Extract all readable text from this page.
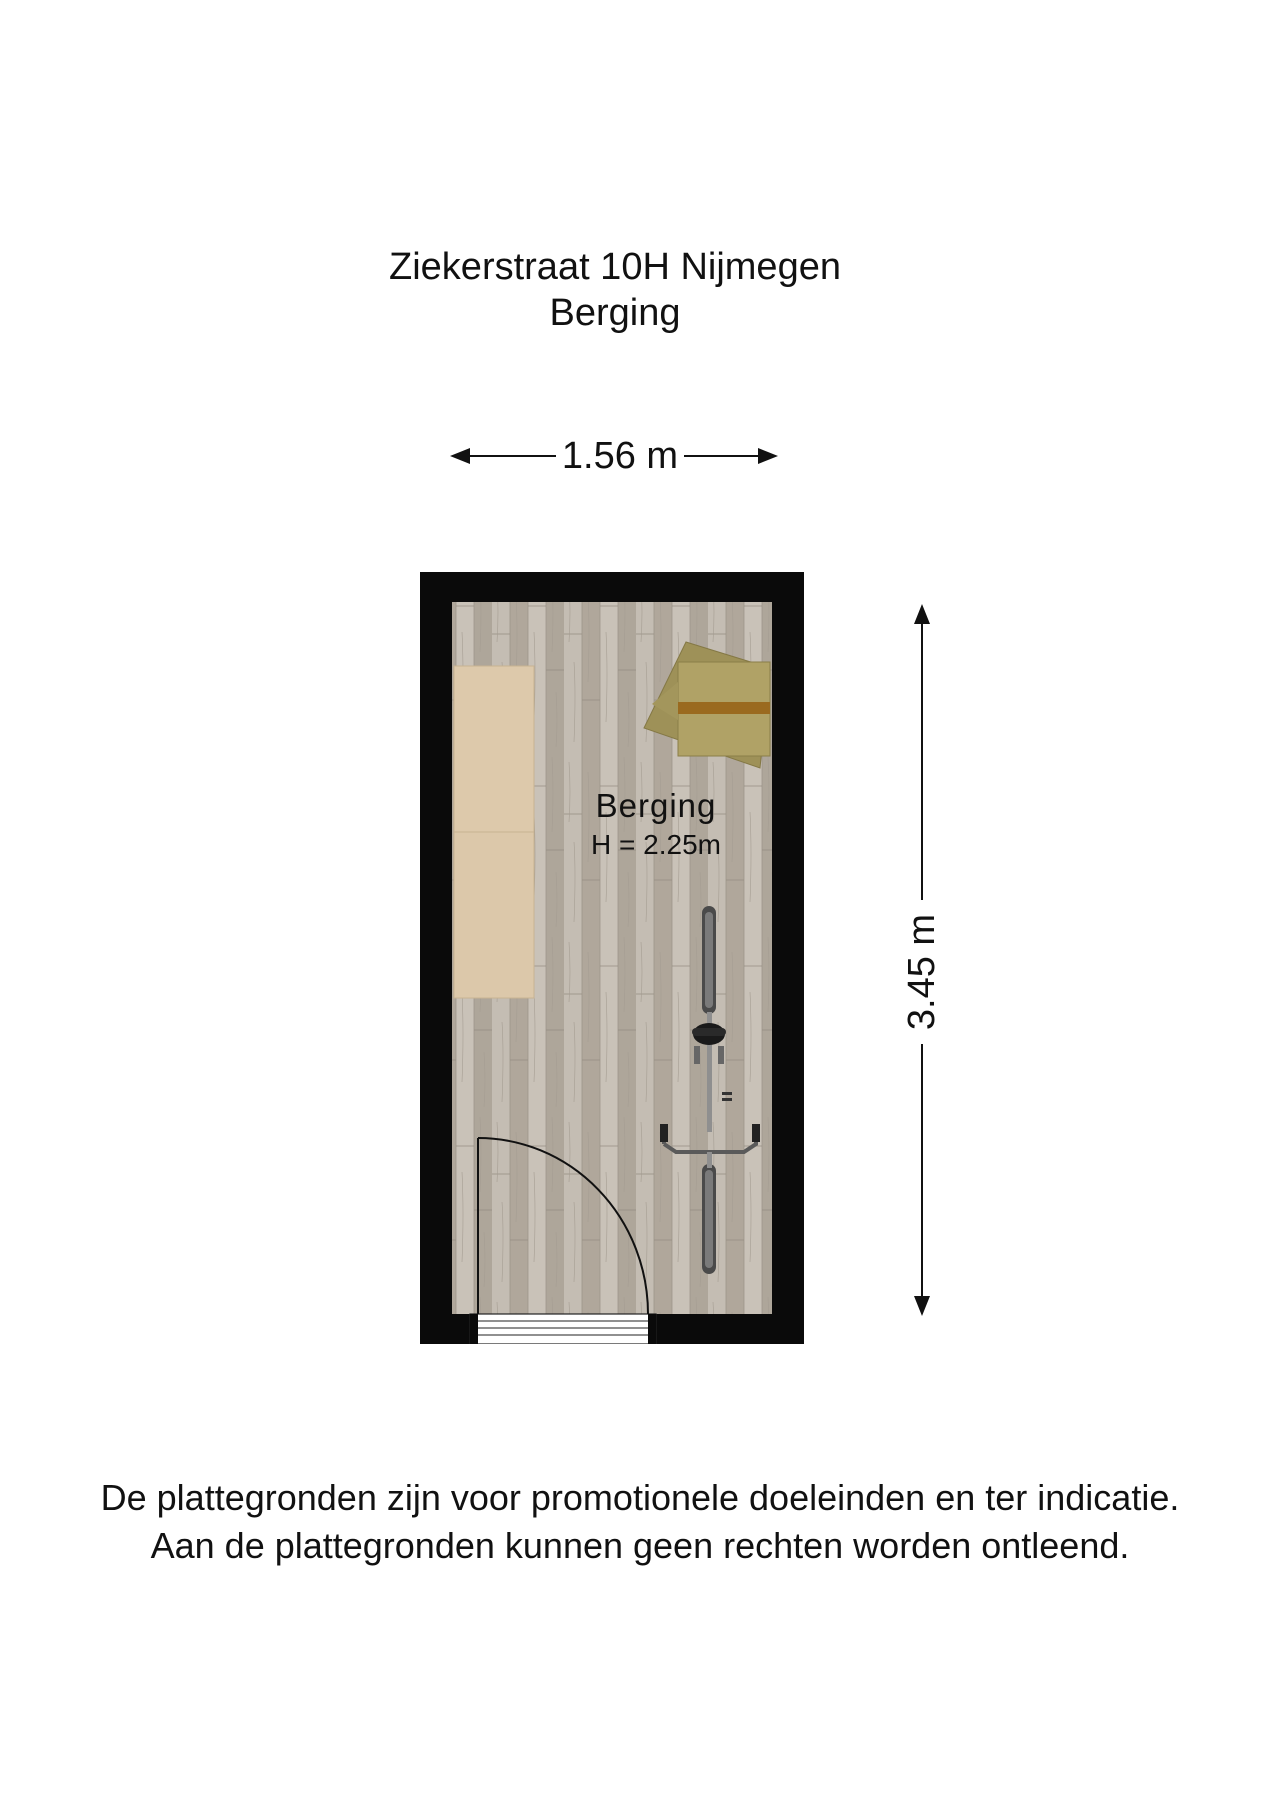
Ziekerstraat 10H Nijmegen
Berging
1.56 m
3.45 m
Berging
H = 2.25m
De plattegronden zijn voor promotionele doeleinden en ter indicatie.
Aan de plattegronden kunnen geen rechten worden ontleend.
